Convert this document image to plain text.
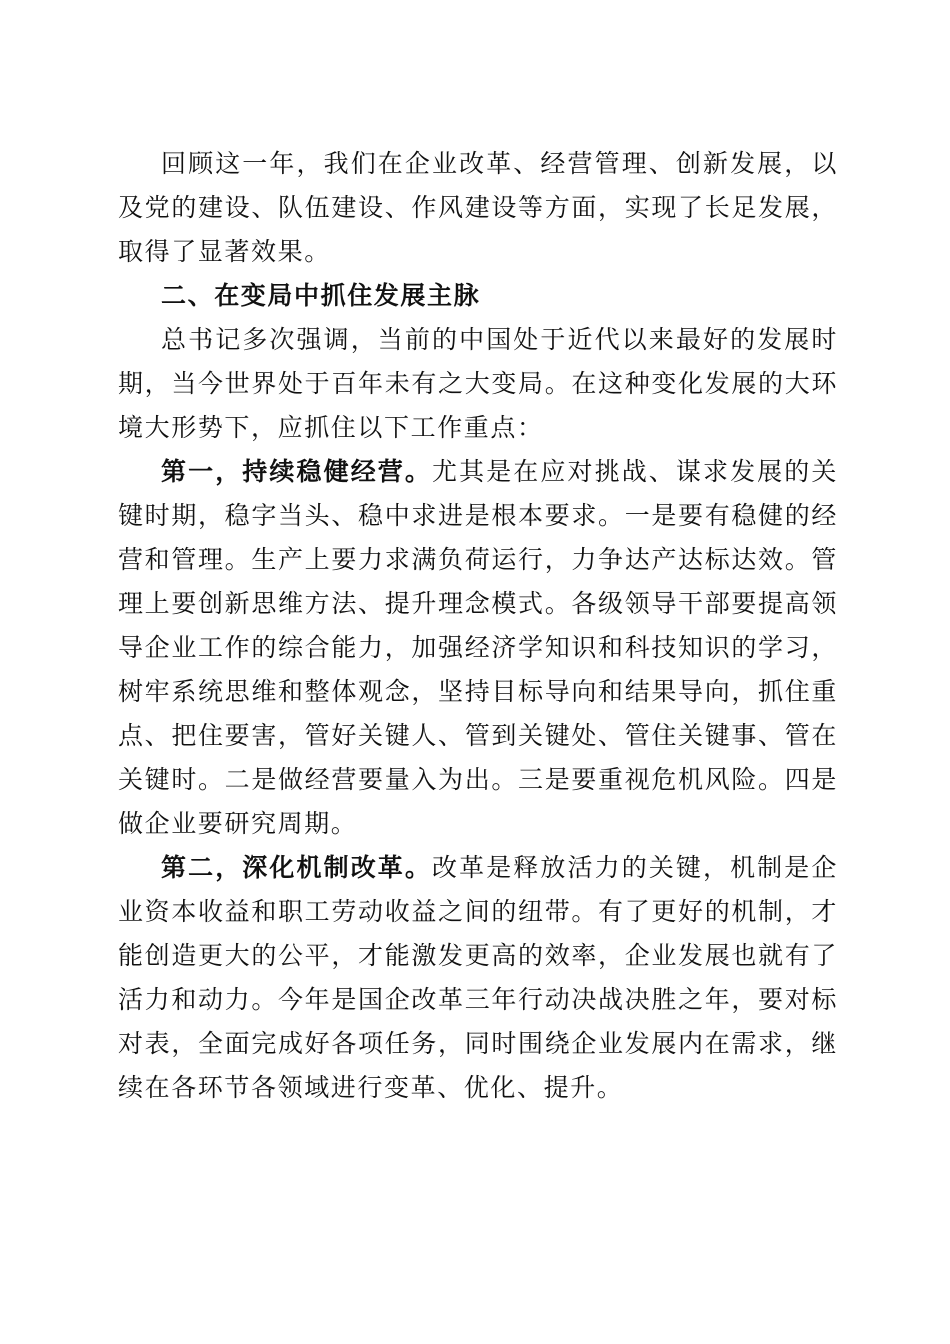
回顾这一年，我们在企业改革、经营管理、创新发展，以及党的建设、队伍建设、作风建设等方面，实现了长足发展，取得了显著效果。

二、在变局中抓住发展主脉

总书记多次强调，当前的中国处于近代以来最好的发展时期，当今世界处于百年未有之大变局。在这种变化发展的大环境大形势下，应抓住以下工作重点：

第一，持续稳健经营。尤其是在应对挑战、谋求发展的关键时期，稳字当头、稳中求进是根本要求。一是要有稳健的经营和管理。生产上要力求满负荷运行，力争达产达标达效。管理上要创新思维方法、提升理念模式。各级领导干部要提高领导企业工作的综合能力，加强经济学知识和科技知识的学习，树牢系统思维和整体观念，坚持目标导向和结果导向，抓住重点、把住要害，管好关键人、管到关键处、管住关键事、管在关键时。二是做经营要量入为出。三是要重视危机风险。四是做企业要研究周期。

第二，深化机制改革。改革是释放活力的关键，机制是企业资本收益和职工劳动收益之间的纽带。有了更好的机制，才能创造更大的公平，才能激发更高的效率，企业发展也就有了活力和动力。今年是国企改革三年行动决战决胜之年，要对标对表，全面完成好各项任务，同时围绕企业发展内在需求，继续在各环节各领域进行变革、优化、提升。
